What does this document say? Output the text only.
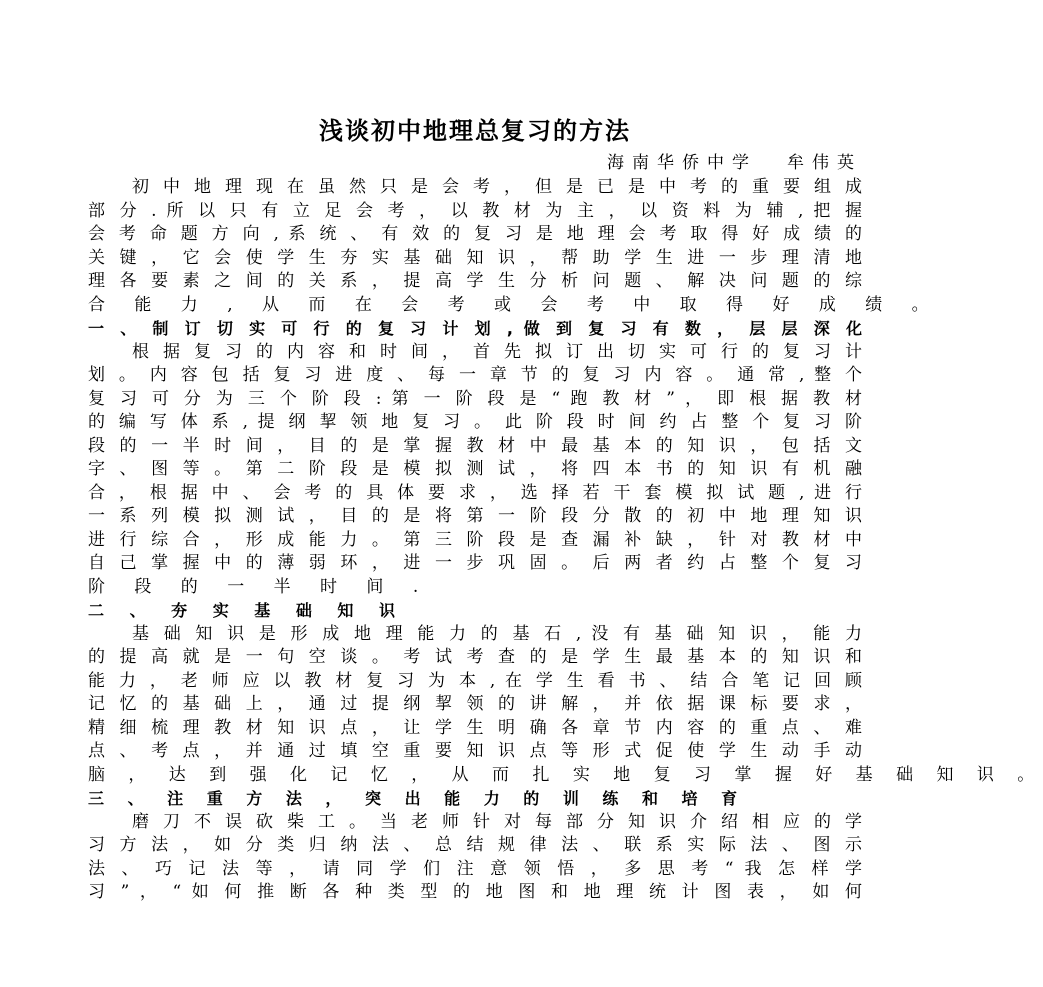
浅谈初中地理总复习的方法
海南华侨中学 牟伟英
初 中 地 理 现 在 虽 然 只 是 会 考 ， 但 是 已 是 中 考 的 重 要 组 成
部 分 . 所 以 只 有 立 足 会 考 ， 以 教 材 为 主 ， 以 资 料 为 辅 , 把 握
会 考 命 题 方 向 , 系 统 、 有 效 的 复 习 是 地 理 会 考 取 得 好 成 绩 的
关 键 ， 它 会 使 学 生 夯 实 基 础 知 识 ， 帮 助 学 生 进 一 步 理 清 地
理 各 要 素 之 间 的 关 系 ， 提 高 学 生 分 析 问 题 、 解 决 问 题 的 综
合 能 力 , 从 而 在 会 考 或 会 考 中 取 得 好 成 绩 。
一 、 制 订 切 实 可 行 的 复 习 计 划 , 做 到 复 习 有 数 ， 层 层 深 化
根 据 复 习 的 内 容 和 时 间 ， 首 先 拟 订 出 切 实 可 行 的 复 习 计
划 。 内 容 包 括 复 习 进 度 、 每 一 章 节 的 复 习 内 容 。 通 常 , 整 个
复 习 可 分 为 三 个 阶 段 : 第 一 阶 段 是 “ 跑 教 材 ” ， 即 根 据 教 材
的 编 写 体 系 , 提 纲 挈 领 地 复 习 。 此 阶 段 时 间 约 占 整 个 复 习 阶
段 的 一 半 时 间 ， 目 的 是 掌 握 教 材 中 最 基 本 的 知 识 ， 包 括 文
字 、 图 等 。 第 二 阶 段 是 模 拟 测 试 ， 将 四 本 书 的 知 识 有 机 融
合 ， 根 据 中 、 会 考 的 具 体 要 求 ， 选 择 若 干 套 模 拟 试 题 , 进 行
一 系 列 模 拟 测 试 ， 目 的 是 将 第 一 阶 段 分 散 的 初 中 地 理 知 识
进 行 综 合 ， 形 成 能 力 。 第 三 阶 段 是 查 漏 补 缺 ， 针 对 教 材 中
自 己 掌 握 中 的 薄 弱 环 ， 进 一 步 巩 固 。 后 两 者 约 占 整 个 复 习
阶 段 的 一 半 时 间 .
二 、 夯 实 基 础 知 识
基 础 知 识 是 形 成 地 理 能 力 的 基 石 , 没 有 基 础 知 识 ， 能 力
的 提 高 就 是 一 句 空 谈 。 考 试 考 查 的 是 学 生 最 基 本 的 知 识 和
能 力 ， 老 师 应 以 教 材 复 习 为 本 , 在 学 生 看 书 、 结 合 笔 记 回 顾
记 忆 的 基 础 上 ， 通 过 提 纲 挈 领 的 讲 解 ， 并 依 据 课 标 要 求 ，
精 细 梳 理 教 材 知 识 点 ， 让 学 生 明 确 各 章 节 内 容 的 重 点 、 难
点 、 考 点 ， 并 通 过 填 空 重 要 知 识 点 等 形 式 促 使 学 生 动 手 动
脑 ， 达 到 强 化 记 忆 ， 从 而 扎 实 地 复 习 掌 握 好 基 础 知 识 。
三 、 注 重 方 法 ， 突 出 能 力 的 训 练 和 培 育
磨 刀 不 误 砍 柴 工 。 当 老 师 针 对 每 部 分 知 识 介 绍 相 应 的 学
习 方 法 ， 如 分 类 归 纳 法 、 总 结 规 律 法 、 联 系 实 际 法 、 图 示
法 、 巧 记 法 等 ， 请 同 学 们 注 意 领 悟 ， 多 思 考 “ 我 怎 样 学
习 ” ， “ 如 何 推 断 各 种 类 型 的 地 图 和 地 理 统 计 图 表 ， 如 何
